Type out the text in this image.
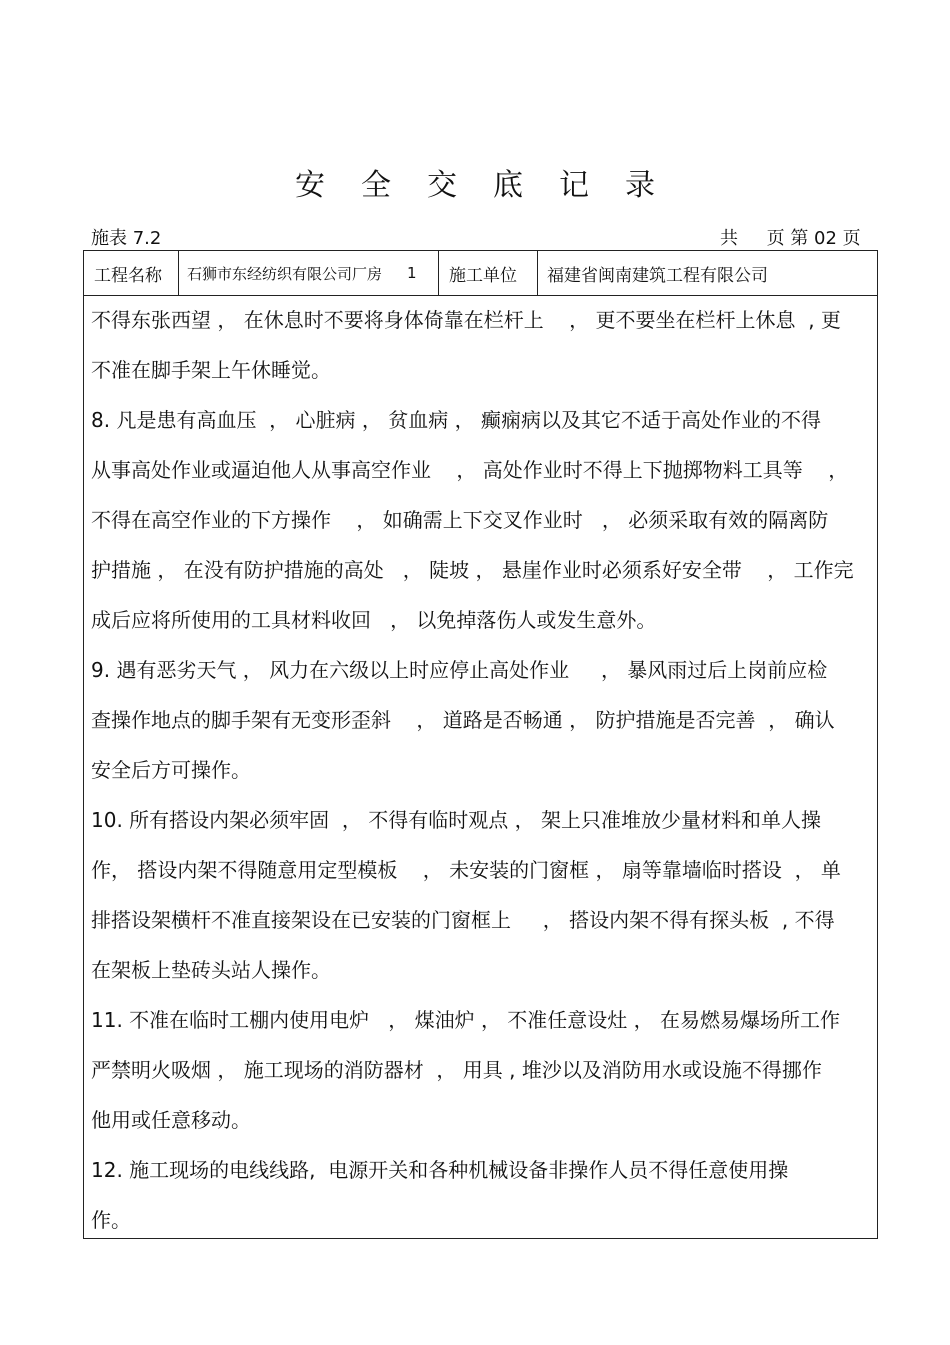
安全交底记录
施表 7.2	共     页 第 02 页
工程名称	石狮市东经纺织有限公司厂房 1	施工单位	福建省闽南建筑工程有限公司
不得东张西望 ， 在休息时不要将身体倚靠在栏杆上    ， 更不要坐在栏杆上休息  , 更
不准在脚手架上午休睡觉。
8. 凡是患有高血压  ， 心脏病 ， 贫血病 ， 癫痫病以及其它不适于高处作业的不得
从事高处作业或逼迫他人从事高空作业    ， 高处作业时不得上下抛掷物料工具等    ，
不得在高空作业的下方操作    ， 如确需上下交叉作业时   ， 必须采取有效的隔离防
护措施 ， 在没有防护措施的高处   ， 陡坡 ， 悬崖作业时必须系好安全带    ， 工作完
成后应将所使用的工具材料收回   ， 以免掉落伤人或发生意外。
9. 遇有恶劣天气 ， 风力在六级以上时应停止高处作业     ， 暴风雨过后上岗前应检
查操作地点的脚手架有无变形歪斜    ， 道路是否畅通 ， 防护措施是否完善  ， 确认
安全后方可操作。
10. 所有搭设内架必须牢固  ， 不得有临时观点 ， 架上只准堆放少量材料和单人操
作， 搭设内架不得随意用定型模板    ， 未安装的门窗框 ， 扇等靠墙临时搭设  ， 单
排搭设架横杆不准直接架设在已安装的门窗框上     ， 搭设内架不得有探头板  , 不得
在架板上垫砖头站人操作。
11. 不准在临时工棚内使用电炉   ， 煤油炉 ， 不准任意设灶 ， 在易燃易爆场所工作
严禁明火吸烟 ， 施工现场的消防器材  ， 用具 , 堆沙以及消防用水或设施不得挪作
他用或任意移动。
12. 施工现场的电线线路,  电源开关和各种机械设备非操作人员不得任意使用操
作。
